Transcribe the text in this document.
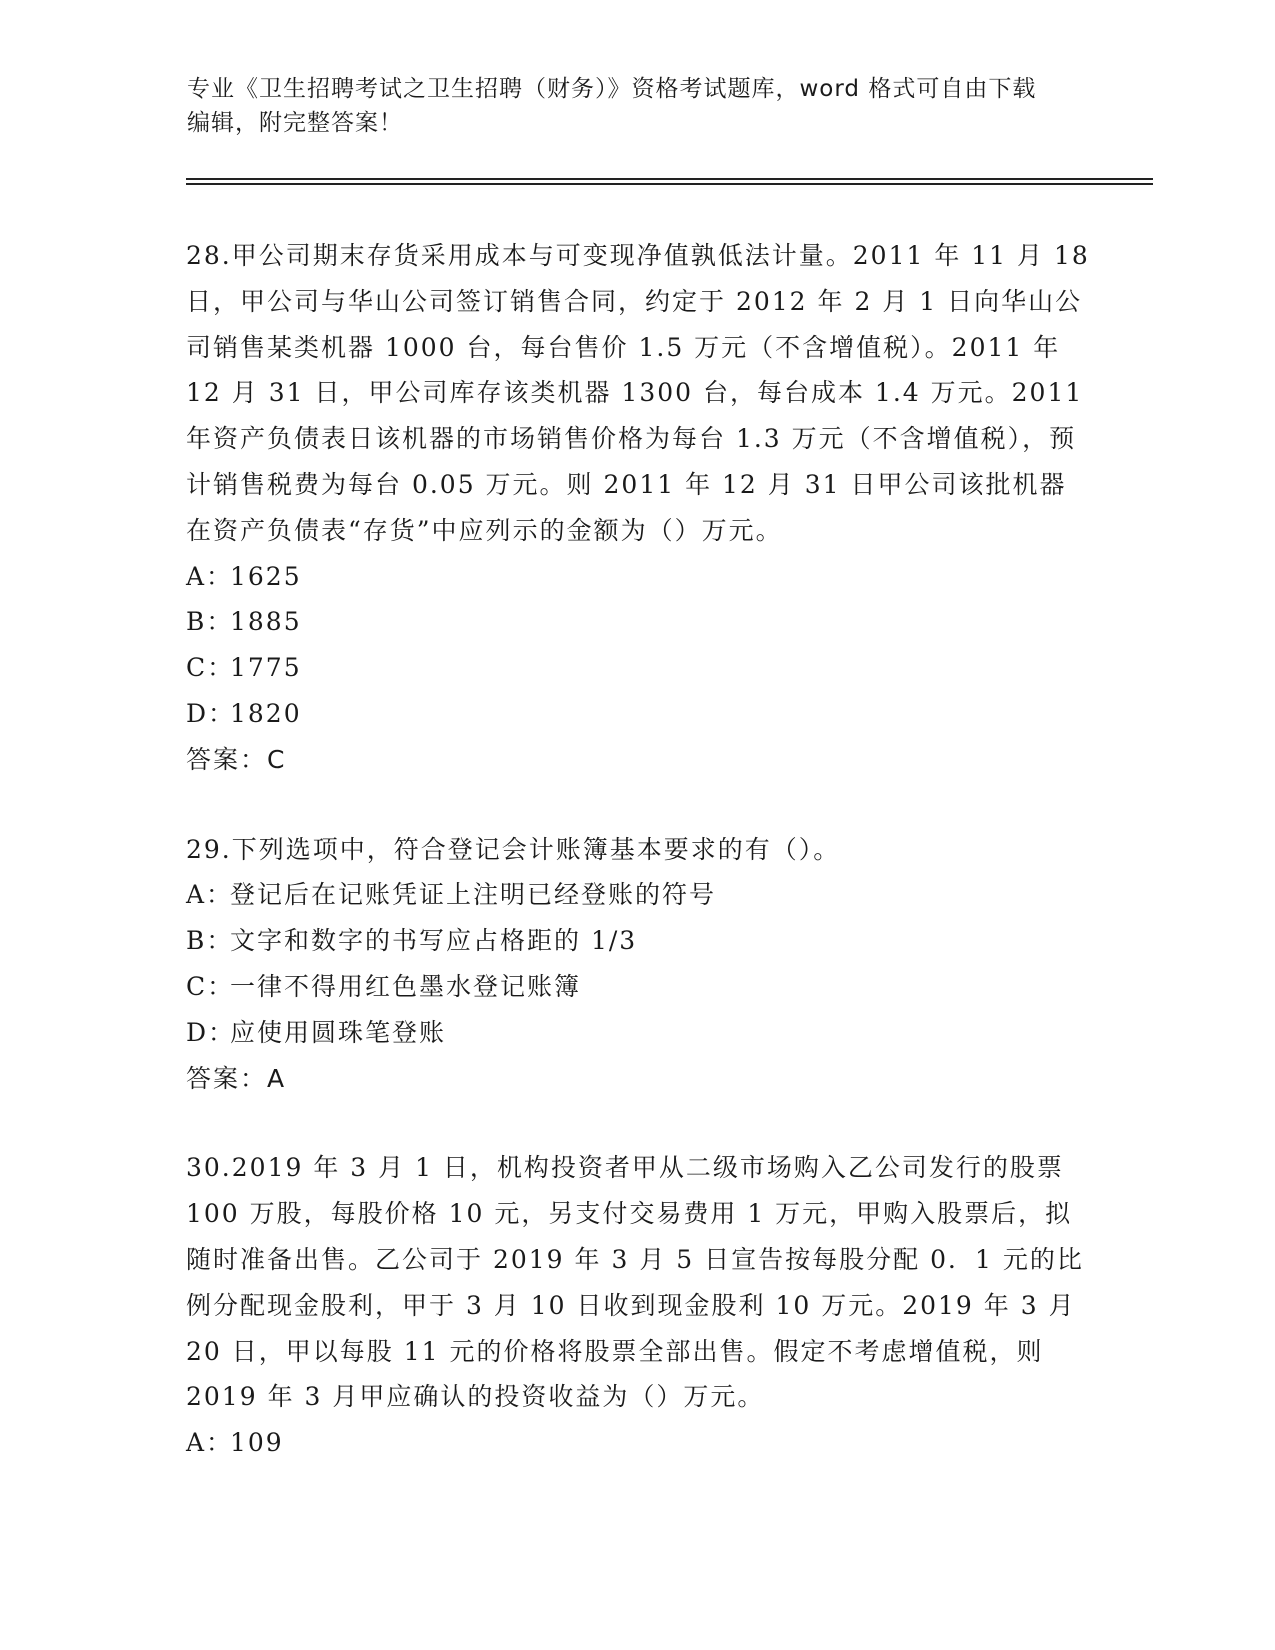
专业《卫生招聘考试之卫生招聘（财务）》资格考试题库，word 格式可自由下载
编辑，附完整答案！

28.甲公司期末存货采用成本与可变现净值孰低法计量。2011 年 11 月 18 日，甲公司与华山公司签订销售合同，约定于 2012 年 2 月 1 日向华山公司销售某类机器 1000 台，每台售价 1.5 万元（不含增值税）。2011 年 12 月 31 日，甲公司库存该类机器 1300 台，每台成本 1.4 万元。2011 年资产负债表日该机器的市场销售价格为每台 1.3 万元（不含增值税），预计销售税费为每台 0.05 万元。则 2011 年 12 月 31 日甲公司该批机器在资产负债表“存货”中应列示的金额为（）万元。

A：1625

B：1885

C：1775

D：1820

答案：C

29.下列选项中，符合登记会计账簿基本要求的有（）。

A：登记后在记账凭证上注明已经登账的符号

B：文字和数字的书写应占格距的 1/3

C：一律不得用红色墨水登记账簿

D：应使用圆珠笔登账

答案：A

30.2019 年 3 月 1 日，机构投资者甲从二级市场购入乙公司发行的股票 100 万股，每股价格 10 元，另支付交易费用 1 万元，甲购入股票后，拟随时准备出售。乙公司于 2019 年 3 月 5 日宣告按每股分配 0．1 元的比例分配现金股利，甲于 3 月 10 日收到现金股利 10 万元。2019 年 3 月 20 日，甲以每股 11 元的价格将股票全部出售。假定不考虑增值税，则 2019 年 3 月甲应确认的投资收益为（）万元。

A：109
